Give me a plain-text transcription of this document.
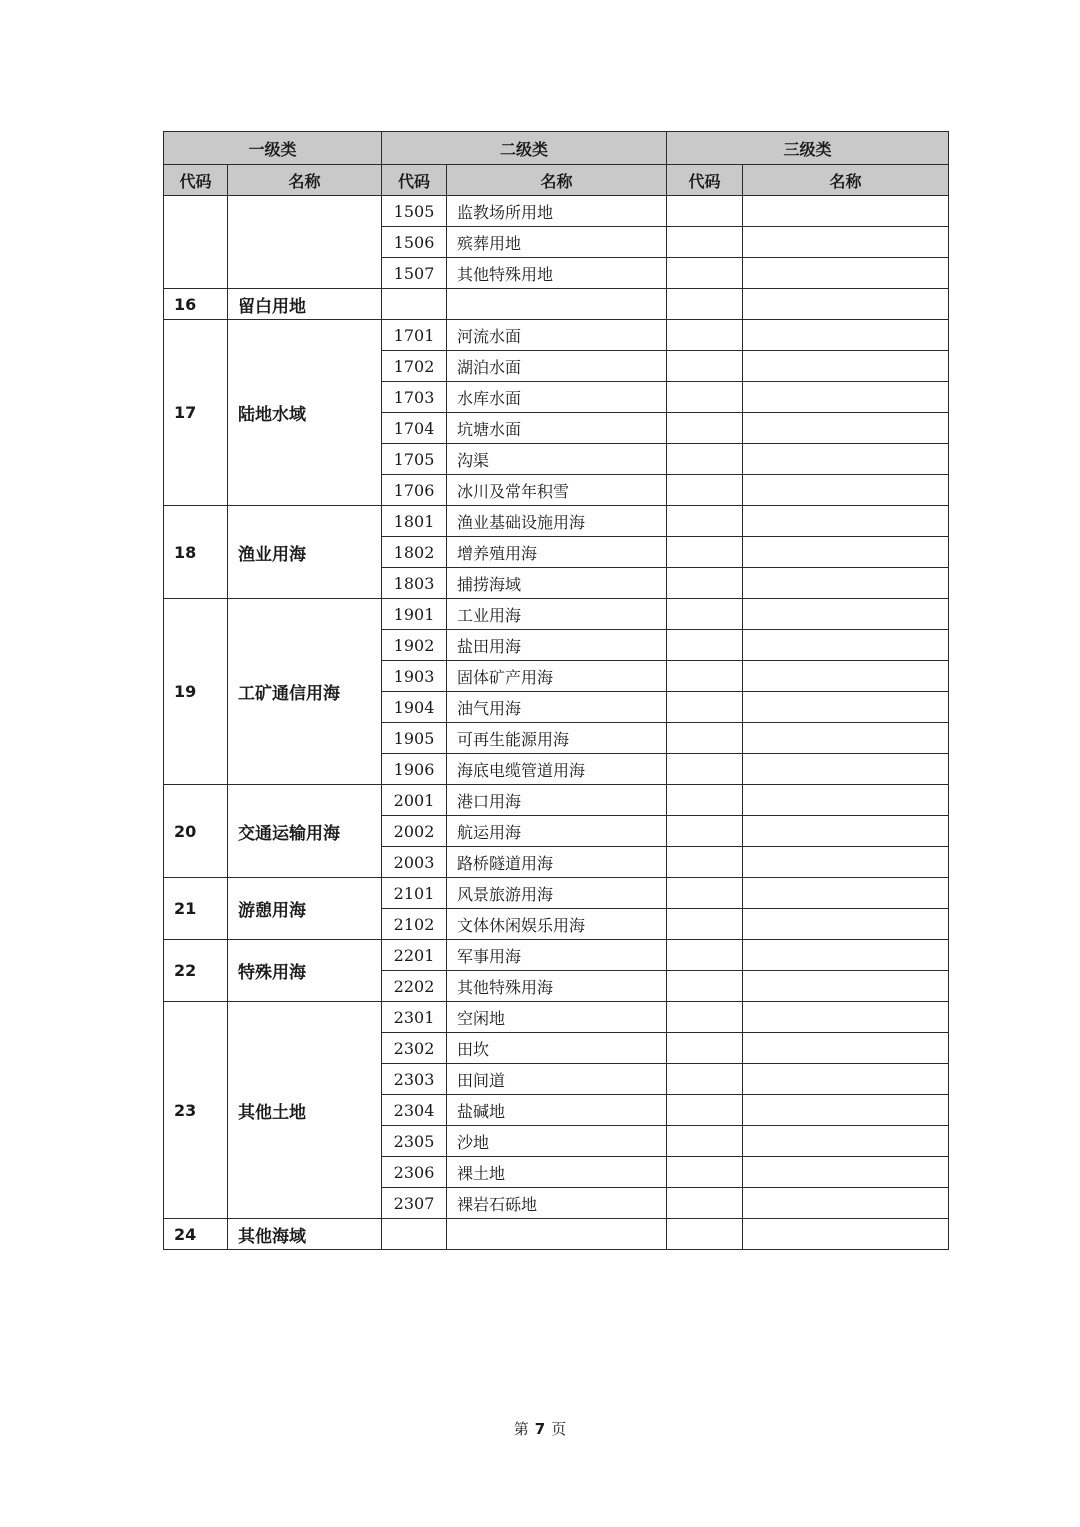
一级类		二级类		三级类	
代码	名称	代码	名称	代码	名称
		1505	监教场所用地		
		1506	殡葬用地		
		1507	其他特殊用地		
16	留白用地				
17	陆地水域	1701	河流水面		
		1702	湖泊水面		
		1703	水库水面		
		1704	坑塘水面		
		1705	沟渠		
		1706	冰川及常年积雪		
18	渔业用海	1801	渔业基础设施用海		
		1802	增养殖用海		
		1803	捕捞海域		
19	工矿通信用海	1901	工业用海		
		1902	盐田用海		
		1903	固体矿产用海		
		1904	油气用海		
		1905	可再生能源用海		
		1906	海底电缆管道用海		
20	交通运输用海	2001	港口用海		
		2002	航运用海		
		2003	路桥隧道用海		
21	游憩用海	2101	风景旅游用海		
		2102	文体休闲娱乐用海		
22	特殊用海	2201	军事用海		
		2202	其他特殊用海		
23	其他土地	2301	空闲地		
		2302	田坎		
		2303	田间道		
		2304	盐碱地		
		2305	沙地		
		2306	裸土地		
		2307	裸岩石砾地		
24	其他海域				
第 7 页
